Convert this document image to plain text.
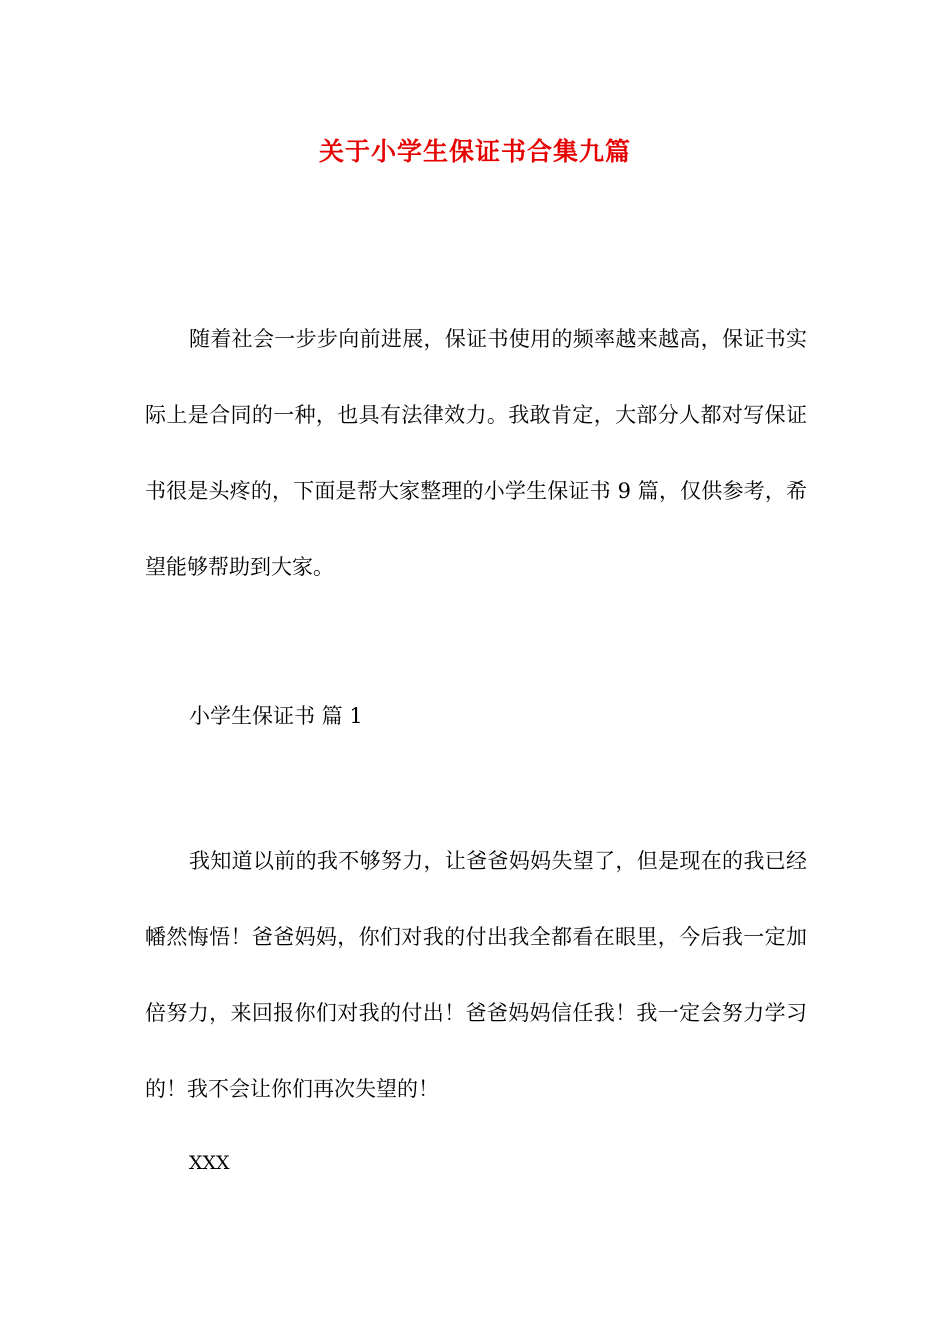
关于小学生保证书合集九篇

随着社会一步步向前进展，保证书使用的频率越来越高，保证书实际上是合同的一种，也具有法律效力。我敢肯定，大部分人都对写保证书很是头疼的，下面是帮大家整理的小学生保证书 9 篇，仅供参考，希望能够帮助到大家。

小学生保证书 篇 1

我知道以前的我不够努力，让爸爸妈妈失望了，但是现在的我已经幡然悔悟！爸爸妈妈，你们对我的付出我全都看在眼里，今后我一定加倍努力，来回报你们对我的付出！爸爸妈妈信任我！我一定会努力学习的！我不会让你们再次失望的！

XXX
